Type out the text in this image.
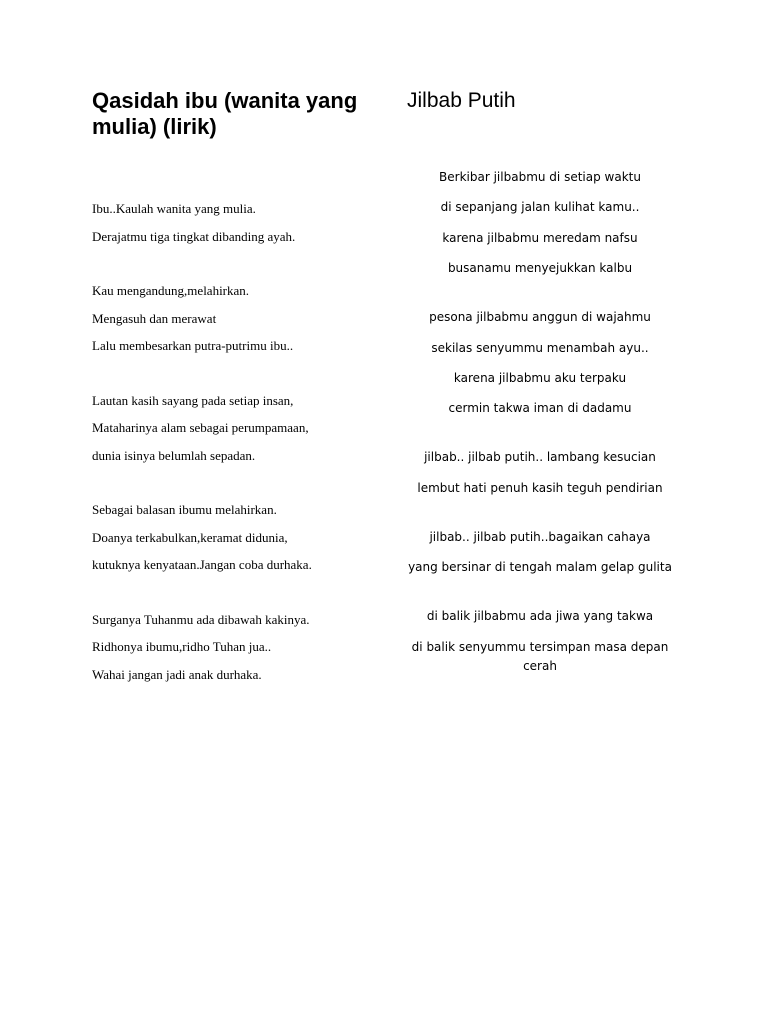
Qasidah ibu (wanita yang mulia) (lirik)
Ibu..Kaulah wanita yang mulia.
Derajatmu tiga tingkat dibanding ayah.
Kau mengandung,melahirkan.
Mengasuh dan merawat
Lalu membesarkan putra-putrimu ibu..
Lautan kasih sayang pada setiap insan,
Mataharinya alam sebagai perumpamaan,
dunia isinya belumlah sepadan.
Sebagai balasan ibumu melahirkan.
Doanya terkabulkan,keramat didunia,
kutuknya kenyataan.Jangan coba durhaka.
Surganya Tuhanmu ada dibawah kakinya.
Ridhonya ibumu,ridho Tuhan jua..
Wahai jangan jadi anak durhaka.
Jilbab Putih
Berkibar jilbabmu di setiap waktu
di sepanjang jalan kulihat kamu..
karena jilbabmu meredam nafsu
busanamu menyejukkan kalbu
pesona jilbabmu anggun di wajahmu
sekilas senyummu menambah ayu..
karena jilbabmu aku terpaku
cermin takwa iman di dadamu
jilbab.. jilbab putih.. lambang kesucian
lembut hati penuh kasih teguh pendirian
jilbab.. jilbab putih..bagaikan cahaya
yang bersinar di tengah malam gelap gulita
di balik jilbabmu ada jiwa yang takwa
di balik senyummu tersimpan masa depan cerah
